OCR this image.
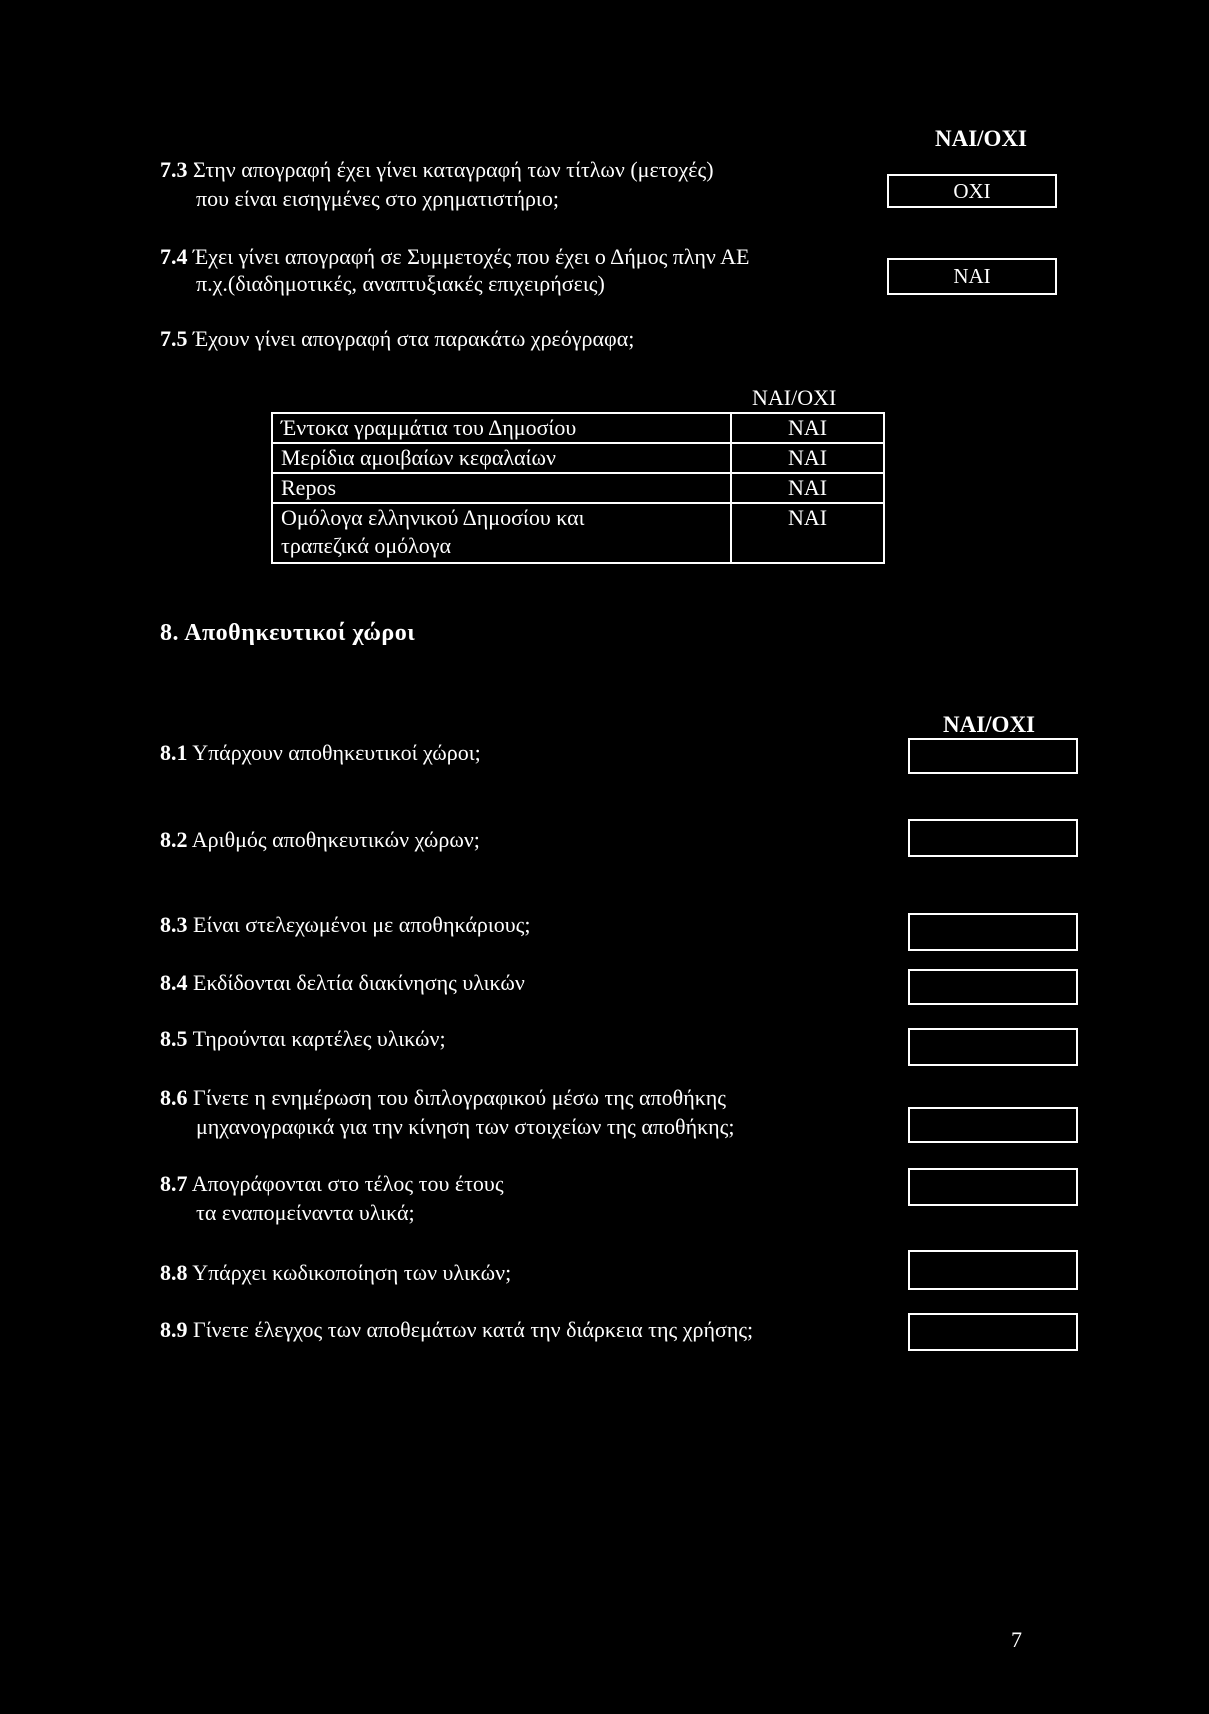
ΝΑΙ/ΟΧΙ
7.3 Στην απογραφή έχει γίνει καταγραφή των τίτλων (μετοχές)
που είναι εισηγμένες στο χρηματιστήριο;	ΟΧΙ
7.4 Έχει γίνει απογραφή σε Συμμετοχές που έχει ο Δήμος πλην ΑΕ
π.χ.(διαδημοτικές, αναπτυξιακές επιχειρήσεις)	ΝΑΙ
7.5 Έχουν γίνει απογραφή στα παρακάτω χρεόγραφα;
ΝΑΙ/ΟΧΙ
Έντοκα γραμμάτια του Δημοσίου	ΝΑΙ
Μερίδια αμοιβαίων κεφαλαίων	ΝΑΙ
Repos	ΝΑΙ

Ομόλογα ελληνικού Δημοσίου και
τραπεζικά ομόλογα	ΝΑΙ
8. Αποθηκευτικοί χώροι
ΝΑΙ/ΟΧΙ
8.1 Υπάρχουν αποθηκευτικοί χώροι;
8.2 Αριθμός αποθηκευτικών χώρων;
8.3 Είναι στελεχωμένοι με αποθηκάριους;
8.4 Εκδίδονται δελτία διακίνησης υλικών
8.5 Τηρούνται καρτέλες υλικών;
8.6 Γίνετε η ενημέρωση του διπλογραφικού μέσω της αποθήκης
μηχανογραφικά για την κίνηση των στοιχείων της αποθήκης;
8.7 Απογράφονται στο τέλος του έτους
τα εναπομείναντα υλικά;
8.8 Υπάρχει κωδικοποίηση των υλικών;
8.9 Γίνετε έλεγχος των αποθεμάτων κατά την διάρκεια της χρήσης;
7
